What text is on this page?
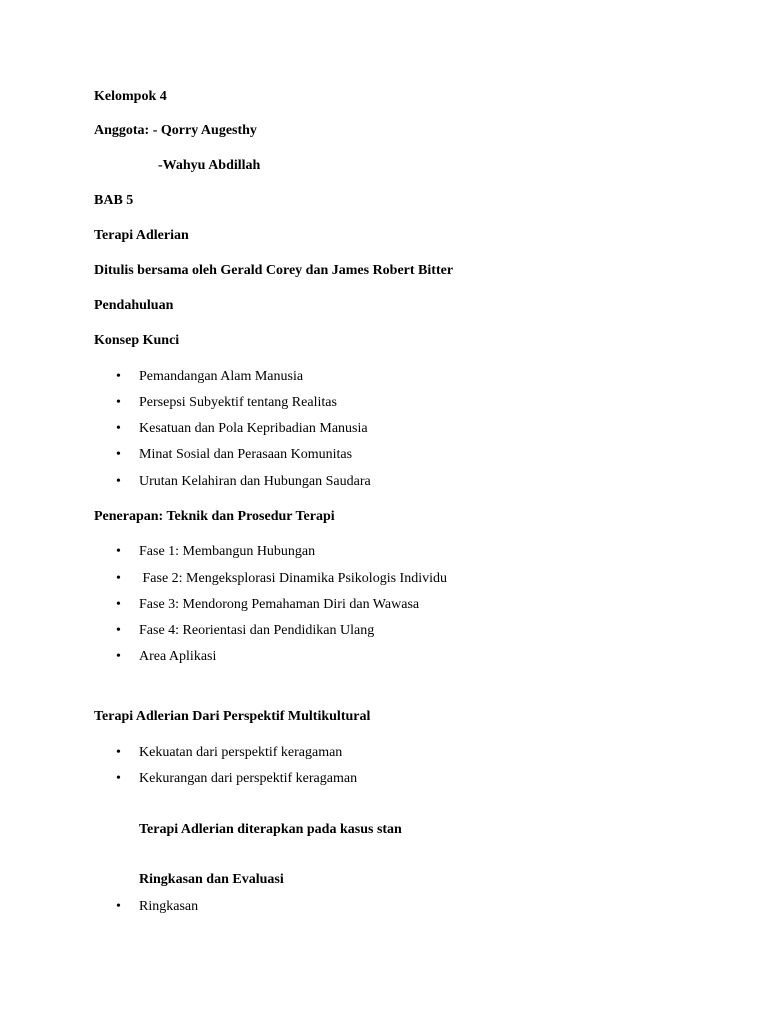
Kelompok 4
Anggota: - Qorry Augesthy
-Wahyu Abdillah
BAB 5
Terapi Adlerian
Ditulis bersama oleh Gerald Corey dan James Robert Bitter
Pendahuluan
Konsep Kunci
• Pemandangan Alam Manusia
• Persepsi Subyektif tentang Realitas
• Kesatuan dan Pola Kepribadian Manusia
• Minat Sosial dan Perasaan Komunitas
• Urutan Kelahiran dan Hubungan Saudara
Penerapan: Teknik dan Prosedur Terapi
• Fase 1: Membangun Hubungan
• Fase 2: Mengeksplorasi Dinamika Psikologis Individu
• Fase 3: Mendorong Pemahaman Diri dan Wawasa
• Fase 4: Reorientasi dan Pendidikan Ulang
• Area Aplikasi
Terapi Adlerian Dari Perspektif Multikultural
• Kekuatan dari perspektif keragaman
• Kekurangan dari perspektif keragaman
Terapi Adlerian diterapkan pada kasus stan
Ringkasan dan Evaluasi
• Ringkasan
